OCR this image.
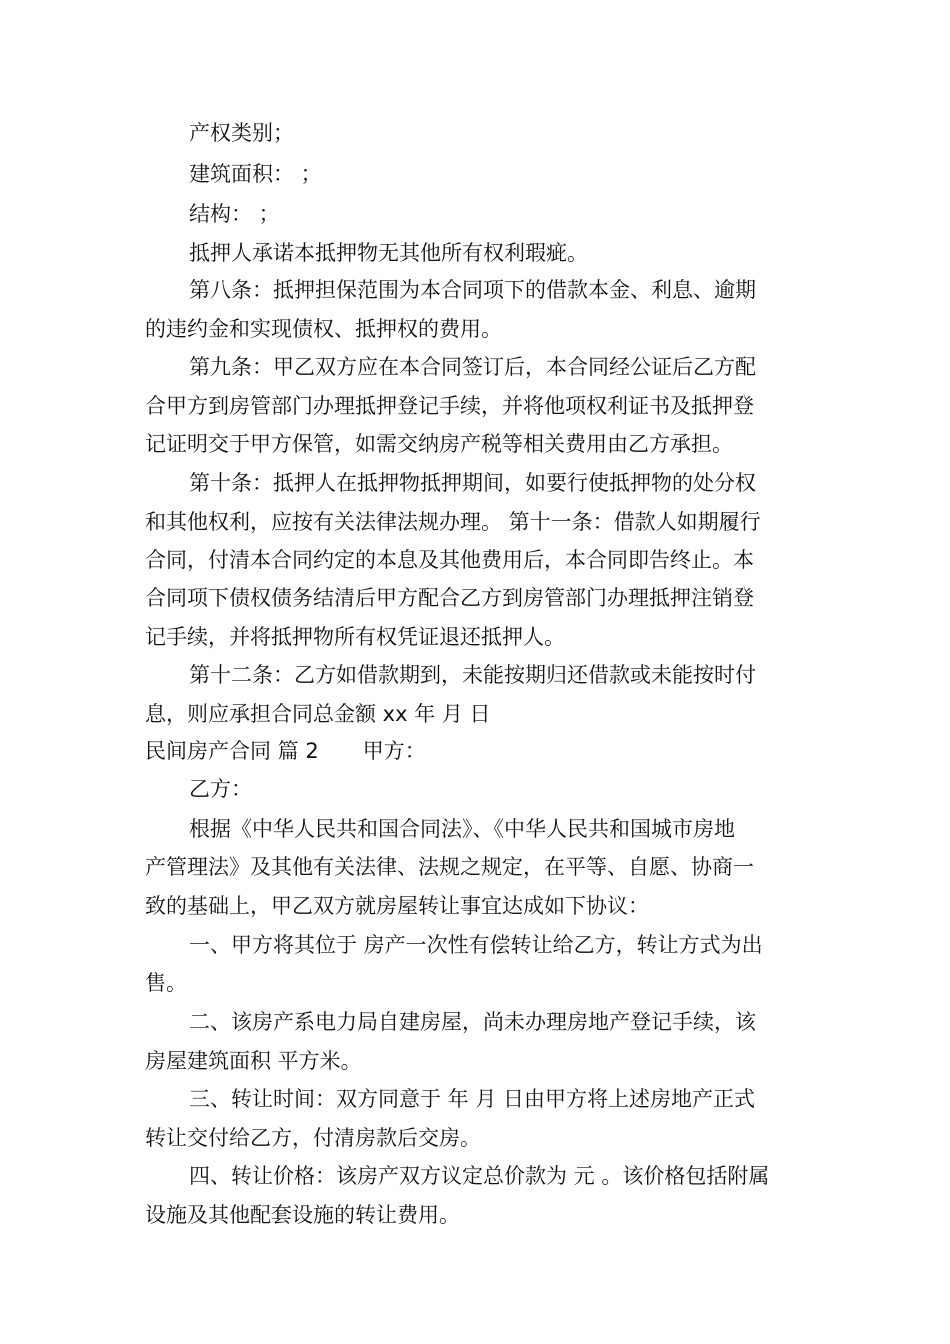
产权类别；
建筑面积： ；
结构： ；
抵押人承诺本抵押物无其他所有权利瑕疵。
第八条：抵押担保范围为本合同项下的借款本金、利息、逾期
的违约金和实现债权、抵押权的费用。
第九条：甲乙双方应在本合同签订后，本合同经公证后乙方配
合甲方到房管部门办理抵押登记手续，并将他项权利证书及抵押登
记证明交于甲方保管，如需交纳房产税等相关费用由乙方承担。
第十条：抵押人在抵押物抵押期间，如要行使抵押物的处分权
和其他权利，应按有关法律法规办理。 第十一条：借款人如期履行
合同，付清本合同约定的本息及其他费用后，本合同即告终止。本
合同项下债权债务结清后甲方配合乙方到房管部门办理抵押注销登
记手续，并将抵押物所有权凭证退还抵押人。
第十二条：乙方如借款期到，未能按期归还借款或未能按时付
息，则应承担合同总金额 xx 年 月 日
民间房产合同 篇 2 甲方：
乙方：
根据《中华人民共和国合同法》、《中华人民共和国城市房地
产管理法》及其他有关法律、法规之规定，在平等、自愿、协商一
致的基础上，甲乙双方就房屋转让事宜达成如下协议：
一、甲方将其位于 房产一次性有偿转让给乙方，转让方式为出
售。
二、该房产系电力局自建房屋，尚未办理房地产登记手续，该
房屋建筑面积 平方米。
三、转让时间：双方同意于 年 月 日由甲方将上述房地产正式
转让交付给乙方，付清房款后交房。
四、转让价格：该房产双方议定总价款为 元 。该价格包括附属
设施及其他配套设施的转让费用。
